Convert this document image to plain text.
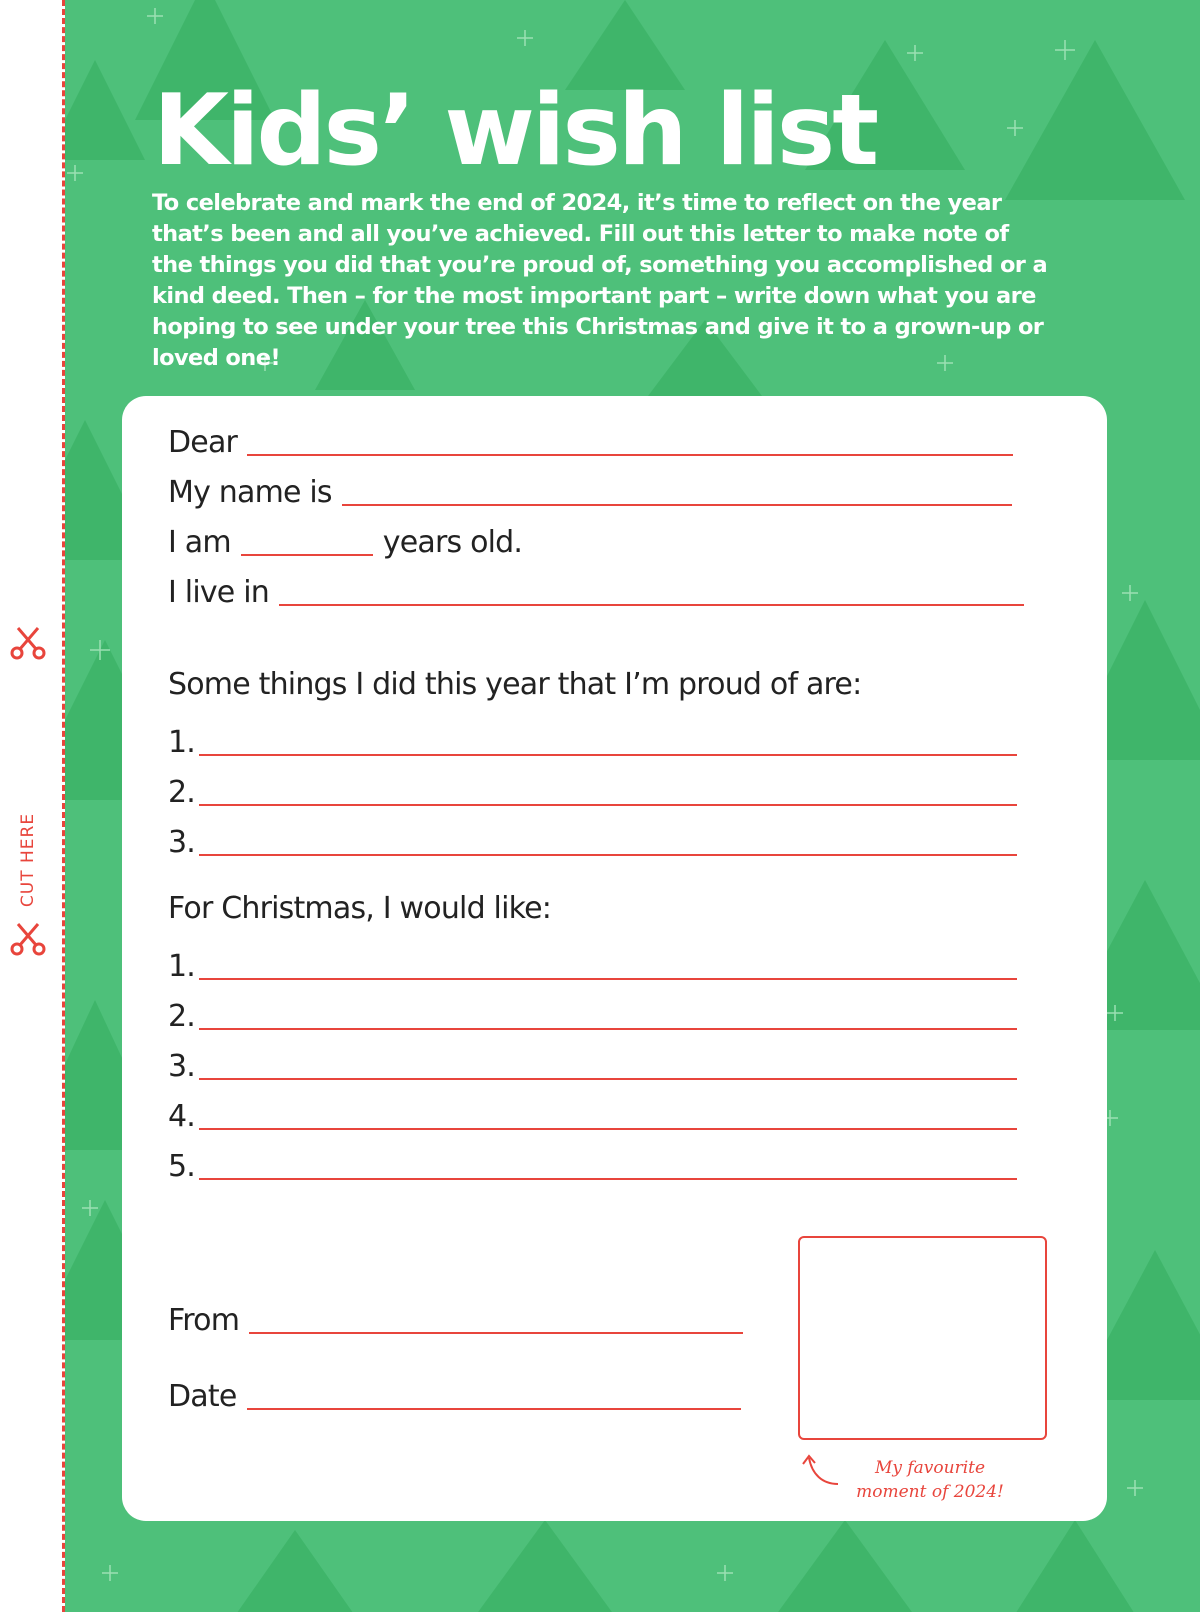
CUT HERE
Kids’ wish list

To celebrate and mark the end of 2024, it’s time to reflect on the year that’s been and all you’ve achieved. Fill out this letter to make note of the things you did that you’re proud of, something you accomplished or a kind deed. Then – for the most important part – write down what you are hoping to see under your tree this Christmas and give it to a grown-up or loved one!

Dear
My name is
I am	years old.
I live in

Some things I did this year that I’m proud of are:

1.
2.
3.

For Christmas, I would like:

1.
2.
3.
4.
5.
From
Date
My favourite moment of 2024!
